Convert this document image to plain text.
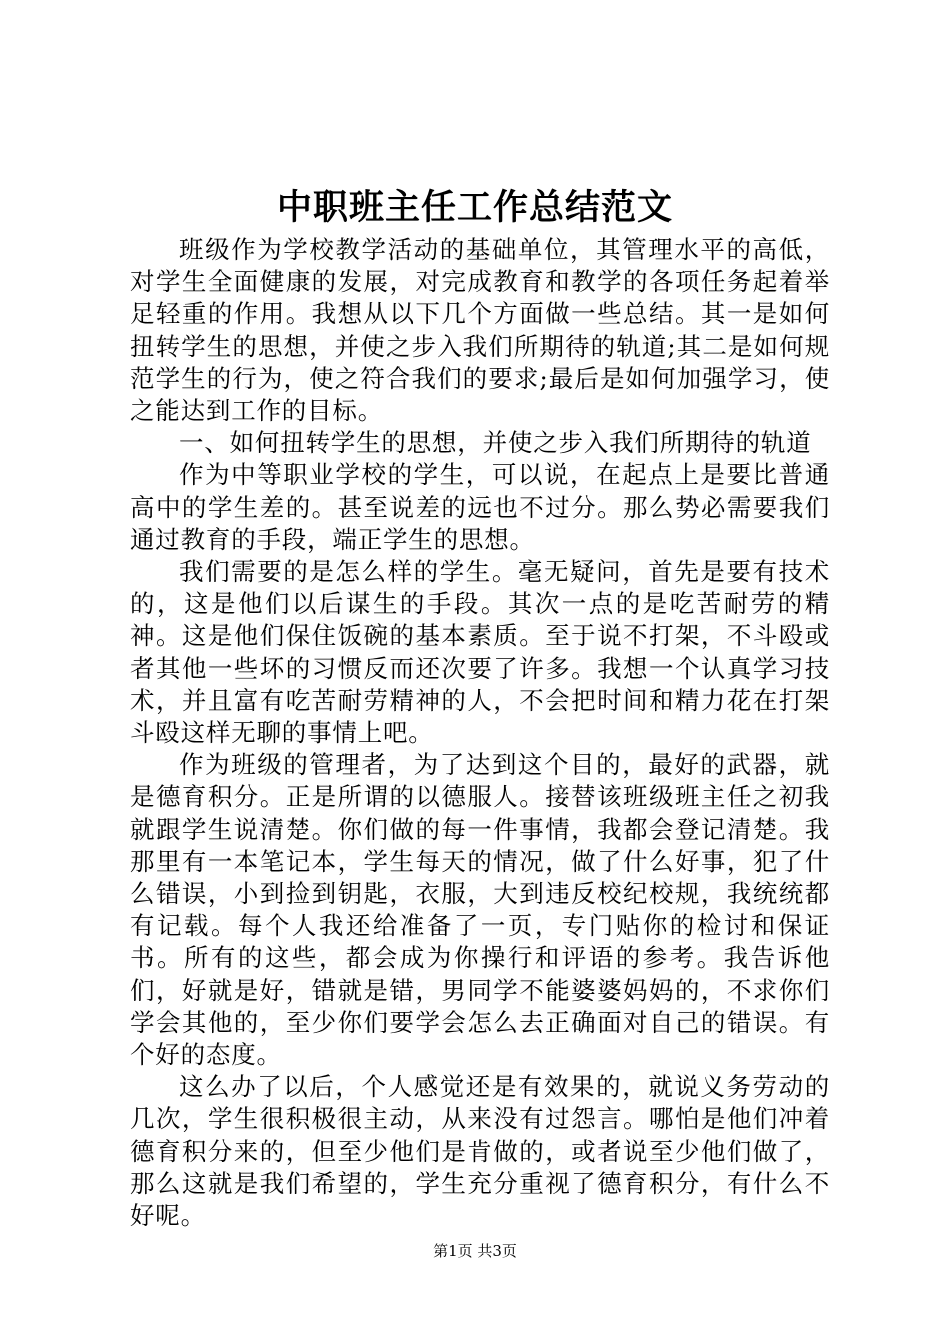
中职班主任工作总结范文

班级作为学校教学活动的基础单位，其管理水平的高低，对学生全面健康的发展，对完成教育和教学的各项任务起着举足轻重的作用。我想从以下几个方面做一些总结。其一是如何扭转学生的思想，并使之步入我们所期待的轨道;其二是如何规范学生的行为，使之符合我们的要求;最后是如何加强学习，使之能达到工作的目标。

一、如何扭转学生的思想，并使之步入我们所期待的轨道

作为中等职业学校的学生，可以说，在起点上是要比普通高中的学生差的。甚至说差的远也不过分。那么势必需要我们通过教育的手段，端正学生的思想。

我们需要的是怎么样的学生。毫无疑问，首先是要有技术的，这是他们以后谋生的手段。其次一点的是吃苦耐劳的精神。这是他们保住饭碗的基本素质。至于说不打架，不斗殴或者其他一些坏的习惯反而还次要了许多。我想一个认真学习技术，并且富有吃苦耐劳精神的人，不会把时间和精力花在打架斗殴这样无聊的事情上吧。

作为班级的管理者，为了达到这个目的，最好的武器，就是德育积分。正是所谓的以德服人。接替该班级班主任之初我就跟学生说清楚。你们做的每一件事情，我都会登记清楚。我那里有一本笔记本，学生每天的情况，做了什么好事，犯了什么错误，小到捡到钥匙，衣服，大到违反校纪校规，我统统都有记载。每个人我还给准备了一页，专门贴你的检讨和保证书。所有的这些，都会成为你操行和评语的参考。我告诉他们，好就是好，错就是错，男同学不能婆婆妈妈的，不求你们学会其他的，至少你们要学会怎么去正确面对自己的错误。有个好的态度。

这么办了以后，个人感觉还是有效果的，就说义务劳动的几次，学生很积极很主动，从来没有过怨言。哪怕是他们冲着德育积分来的，但至少他们是肯做的，或者说至少他们做了，那么这就是我们希望的，学生充分重视了德育积分，有什么不好呢。

第1页 共3页
